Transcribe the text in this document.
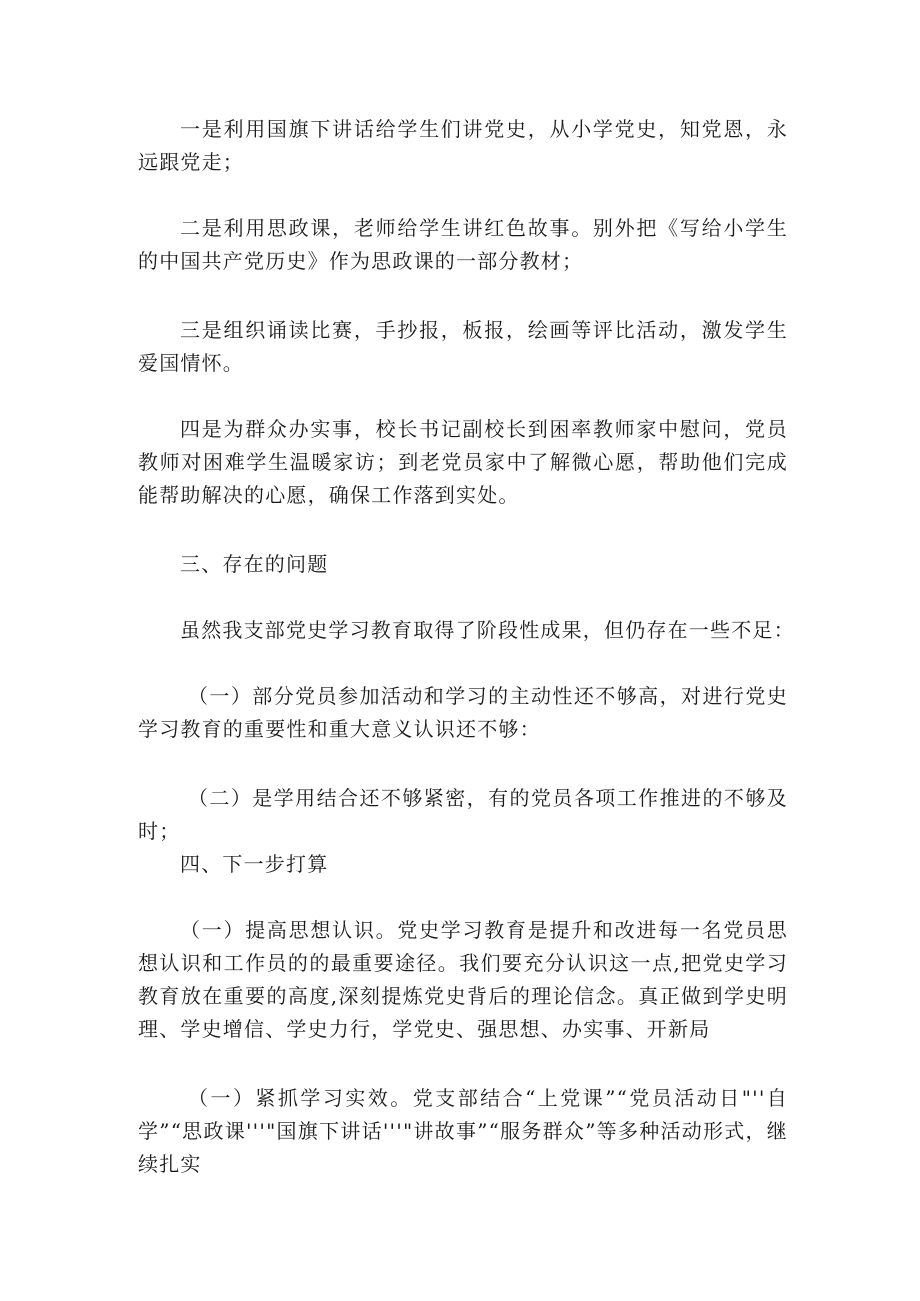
一是利用国旗下讲话给学生们讲党史，从小学党史，知党恩，永远跟党走；

二是利用思政课，老师给学生讲红色故事。别外把《写给小学生的中国共产党历史》作为思政课的一部分教材；

三是组织诵读比赛，手抄报，板报，绘画等评比活动，激发学生爱国情怀。

四是为群众办实事，校长书记副校长到困率教师家中慰问，党员教师对困难学生温暖家访；到老党员家中了解微心愿，帮助他们完成能帮助解决的心愿，确保工作落到实处。

三、存在的问题

虽然我支部党史学习教育取得了阶段性成果，但仍存在一些不足：

（一）部分党员参加活动和学习的主动性还不够高，对进行党史学习教育的重要性和重大意义认识还不够：

（二）是学用结合还不够紧密，有的党员各项工作推进的不够及时；

四、下一步打算

（一）提高思想认识。党史学习教育是提升和改进每一名党员思想认识和工作员的的最重要途径。我们要充分认识这一点,把党史学习教育放在重要的高度,深刻提炼党史背后的理论信念。真正做到学史明理、学史增信、学史力行，学党史、强思想、办实事、开新局

（一）紧抓学习实效。党支部结合“上党课”“党员活动日"''自学”“思政课'''"国旗下讲话'''"讲故事”“服务群众”等多种活动形式，继续扎实
